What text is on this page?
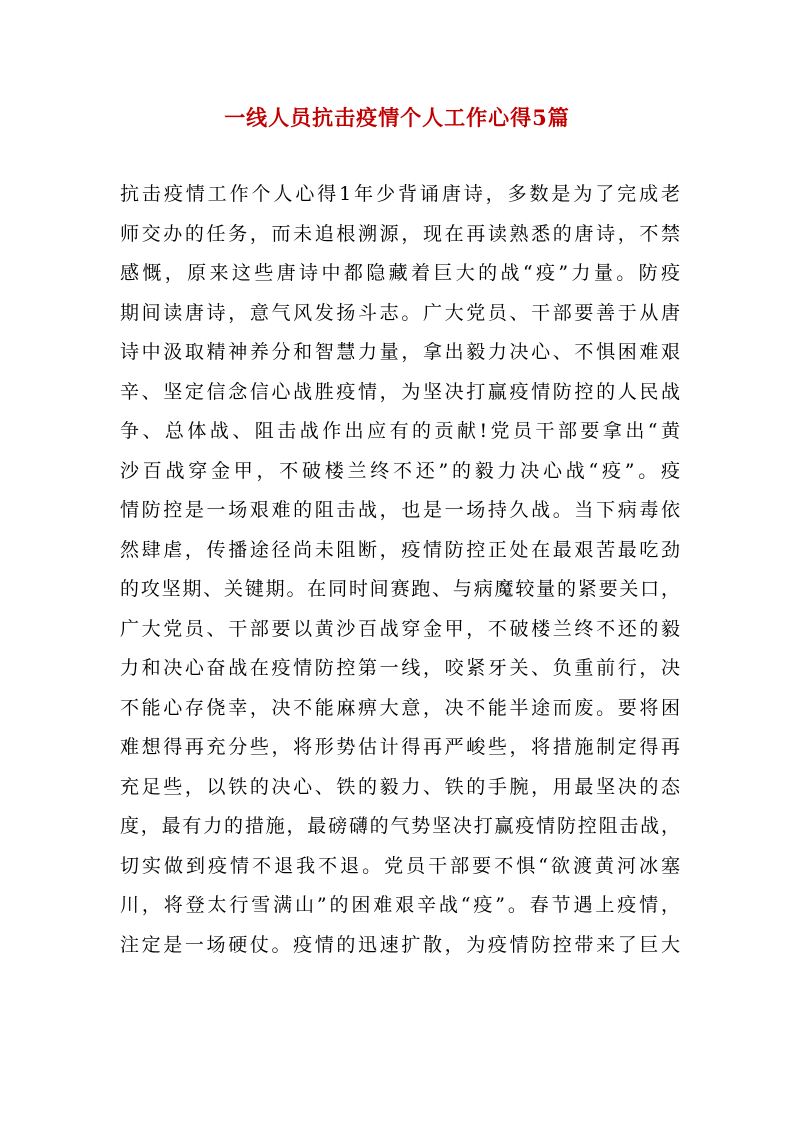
一线人员抗击疫情个人工作心得5篇
抗击疫情工作个人心得1年少背诵唐诗，多数是为了完成老
师交办的任务，而未追根溯源，现在再读熟悉的唐诗，不禁
感慨，原来这些唐诗中都隐藏着巨大的战“疫”力量。防疫
期间读唐诗，意气风发扬斗志。广大党员、干部要善于从唐
诗中汲取精神养分和智慧力量，拿出毅力决心、不惧困难艰
辛、坚定信念信心战胜疫情，为坚决打赢疫情防控的人民战
争、总体战、阻击战作出应有的贡献!党员干部要拿出“黄
沙百战穿金甲，不破楼兰终不还”的毅力决心战“疫”。疫
情防控是一场艰难的阻击战，也是一场持久战。当下病毒依
然肆虐，传播途径尚未阻断，疫情防控正处在最艰苦最吃劲
的攻坚期、关键期。在同时间赛跑、与病魔较量的紧要关口，
广大党员、干部要以黄沙百战穿金甲，不破楼兰终不还的毅
力和决心奋战在疫情防控第一线，咬紧牙关、负重前行，决
不能心存侥幸，决不能麻痹大意，决不能半途而废。要将困
难想得再充分些，将形势估计得再严峻些，将措施制定得再
充足些，以铁的决心、铁的毅力、铁的手腕，用最坚决的态
度，最有力的措施，最磅礴的气势坚决打赢疫情防控阻击战，
切实做到疫情不退我不退。党员干部要不惧“欲渡黄河冰塞
川，将登太行雪满山”的困难艰辛战“疫”。春节遇上疫情，
注定是一场硬仗。疫情的迅速扩散，为疫情防控带来了巨大
